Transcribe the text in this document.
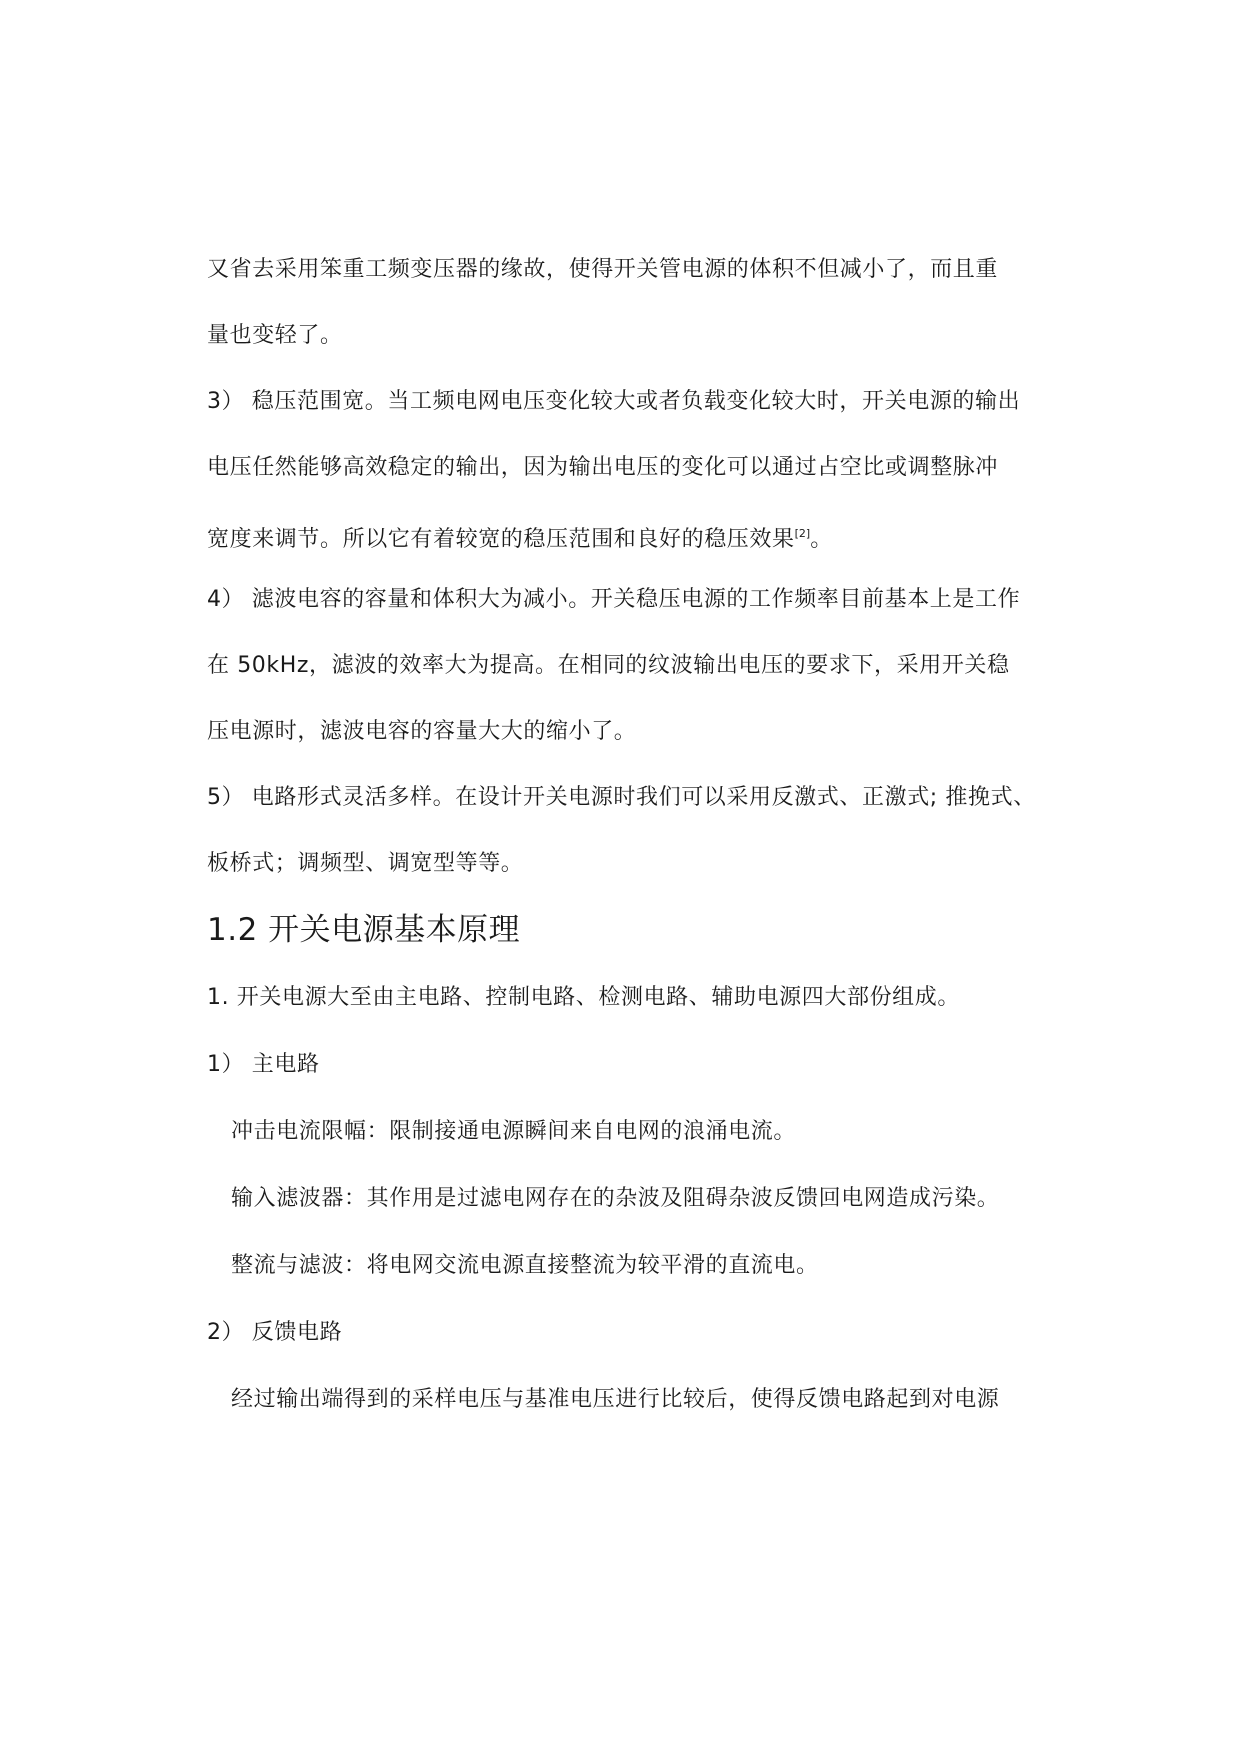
又省去采用笨重工频变压器的缘故，使得开关管电源的体积不但减小了，而且重
量也变轻了。
3） 稳压范围宽。当工频电网电压变化较大或者负载变化较大时，开关电源的输出
电压任然能够高效稳定的输出，因为输出电压的变化可以通过占空比或调整脉冲
宽度来调节。所以它有着较宽的稳压范围和良好的稳压效果[2]。
4） 滤波电容的容量和体积大为减小。开关稳压电源的工作频率目前基本上是工作
在 50kHz，滤波的效率大为提高。在相同的纹波输出电压的要求下，采用开关稳
压电源时，滤波电容的容量大大的缩小了。
5） 电路形式灵活多样。在设计开关电源时我们可以采用反激式、正激式; 推挽式、
板桥式；调频型、调宽型等等。
1.2 开关电源基本原理
1. 开关电源大至由主电路、控制电路、检测电路、辅助电源四大部份组成。
1） 主电路
冲击电流限幅：限制接通电源瞬间来自电网的浪涌电流。
输入滤波器：其作用是过滤电网存在的杂波及阻碍杂波反馈回电网造成污染。
整流与滤波：将电网交流电源直接整流为较平滑的直流电。
2） 反馈电路
经过输出端得到的采样电压与基准电压进行比较后，使得反馈电路起到对电源
